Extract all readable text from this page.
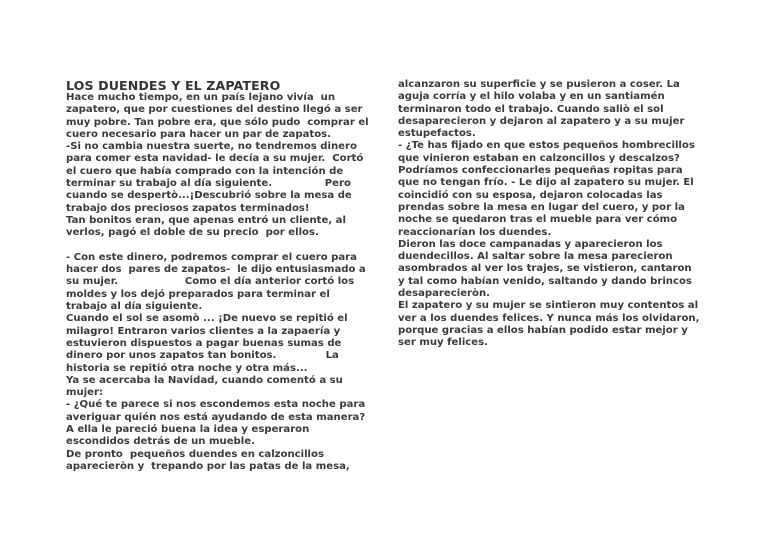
LOS DUENDES Y EL ZAPATERO
Hace mucho tiempo, en un país lejano vivía  un
zapatero, que por cuestiones del destino llegó a ser
muy pobre. Tan pobre era, que sólo pudo  comprar el
cuero necesario para hacer un par de zapatos.
-Si no cambia nuestra suerte, no tendremos dinero
para comer esta navidad- le decía a su mujer.  Cortó
el cuero que había comprado con la intención de
terminar su trabajo al día siguiente.               Pero
cuando se despertò...¡Descubrió sobre la mesa de
trabajo dos preciosos zapatos terminados!
Tan bonitos eran, que apenas entró un cliente, al
verlos, pagó el doble de su precio  por ellos.
- Con este dinero, podremos comprar el cuero para
hacer dos  pares de zapatos-  le dijo entusiasmado a
su mujer.                   Como el día anterior cortó los
moldes y los dejó preparados para terminar el
trabajo al día siguiente.
Cuando el sol se asomò ... ¡De nuevo se repitió el
milagro! Entraron varios clientes a la zapaería y
estuvieron dispuestos a pagar buenas sumas de
dinero por unos zapatos tan bonitos.              La
historia se repitió otra noche y otra más...
Ya se acercaba la Navidad, cuando comentó a su
mujer:
- ¿Qué te parece si nos escondemos esta noche para
averiguar quién nos está ayudando de esta manera?
A ella le pareció buena la idea y esperaron
escondidos detrás de un mueble.
De pronto  pequeños duendes en calzoncillos
aparecieròn y  trepando por las patas de la mesa,
alcanzaron su superficie y se pusieron a coser. La
aguja corría y el hilo volaba y en un santiamén
terminaron todo el trabajo. Cuando saliò el sol
desaparecieron y dejaron al zapatero y a su mujer
estupefactos.
- ¿Te has fijado en que estos pequeños hombrecillos
que vinieron estaban en calzoncillos y descalzos?
Podríamos confeccionarles pequeñas ropitas para
que no tengan frío. - Le dijo al zapatero su mujer. El
coincidió con su esposa, dejaron colocadas las
prendas sobre la mesa en lugar del cuero, y por la
noche se quedaron tras el mueble para ver cómo
reaccionarían los duendes.
Dieron las doce campanadas y aparecieron los
duendecillos. Al saltar sobre la mesa parecieron
asombrados al ver los trajes, se vistieron, cantaron
y tal como habían venido, saltando y dando brincos
desaparecieròn.
El zapatero y su mujer se sintieron muy contentos al
ver a los duendes felices. Y nunca más los olvidaron,
porque gracias a ellos habían podido estar mejor y
ser muy felices.
